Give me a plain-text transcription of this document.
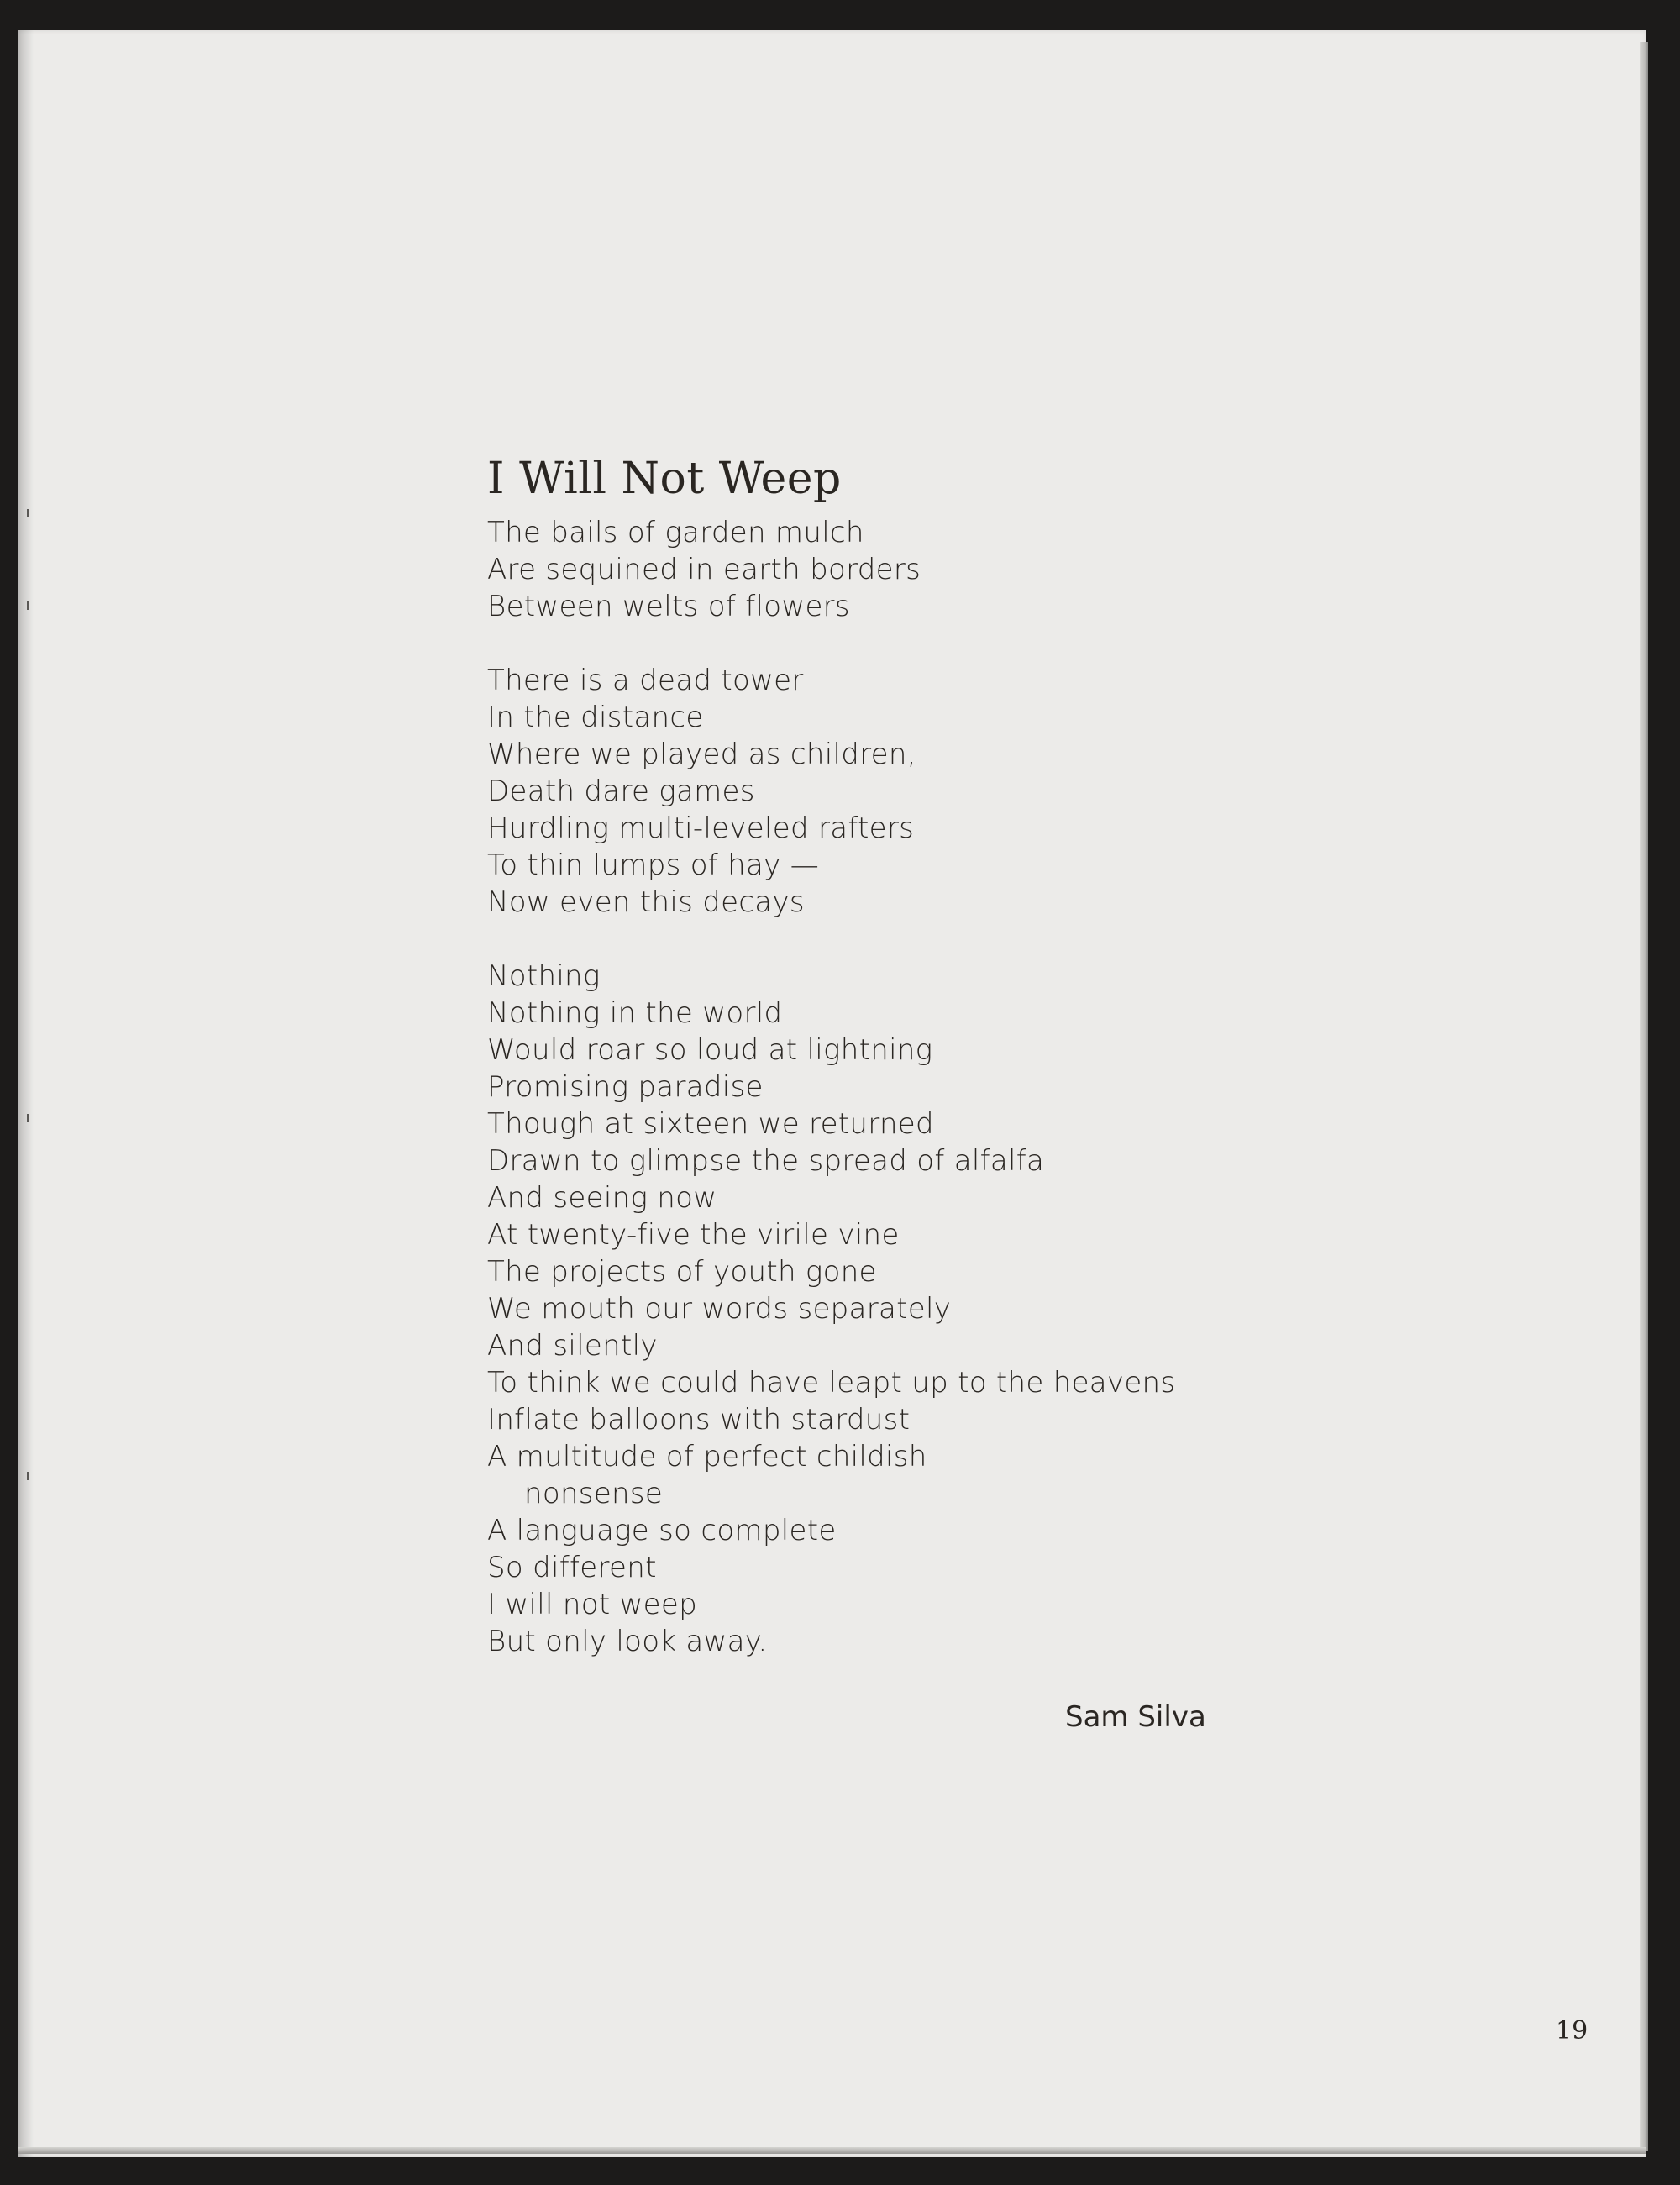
I Will Not Weep
The bails of garden mulch
Are sequined in earth borders
Between welts of flowers
There is a dead tower
In the distance
Where we played as children,
Death dare games
Hurdling multi-leveled rafters
To thin lumps of hay —
Now even this decays
Nothing
Nothing in the world
Would roar so loud at lightning
Promising paradise
Though at sixteen we returned
Drawn to glimpse the spread of alfalfa
And seeing now
At twenty-five the virile vine
The projects of youth gone
We mouth our words separately
And silently
To think we could have leapt up to the heavens
Inflate balloons with stardust
A multitude of perfect childish
nonsense
A language so complete
So different
I will not weep
But only look away.
Sam Silva
19
